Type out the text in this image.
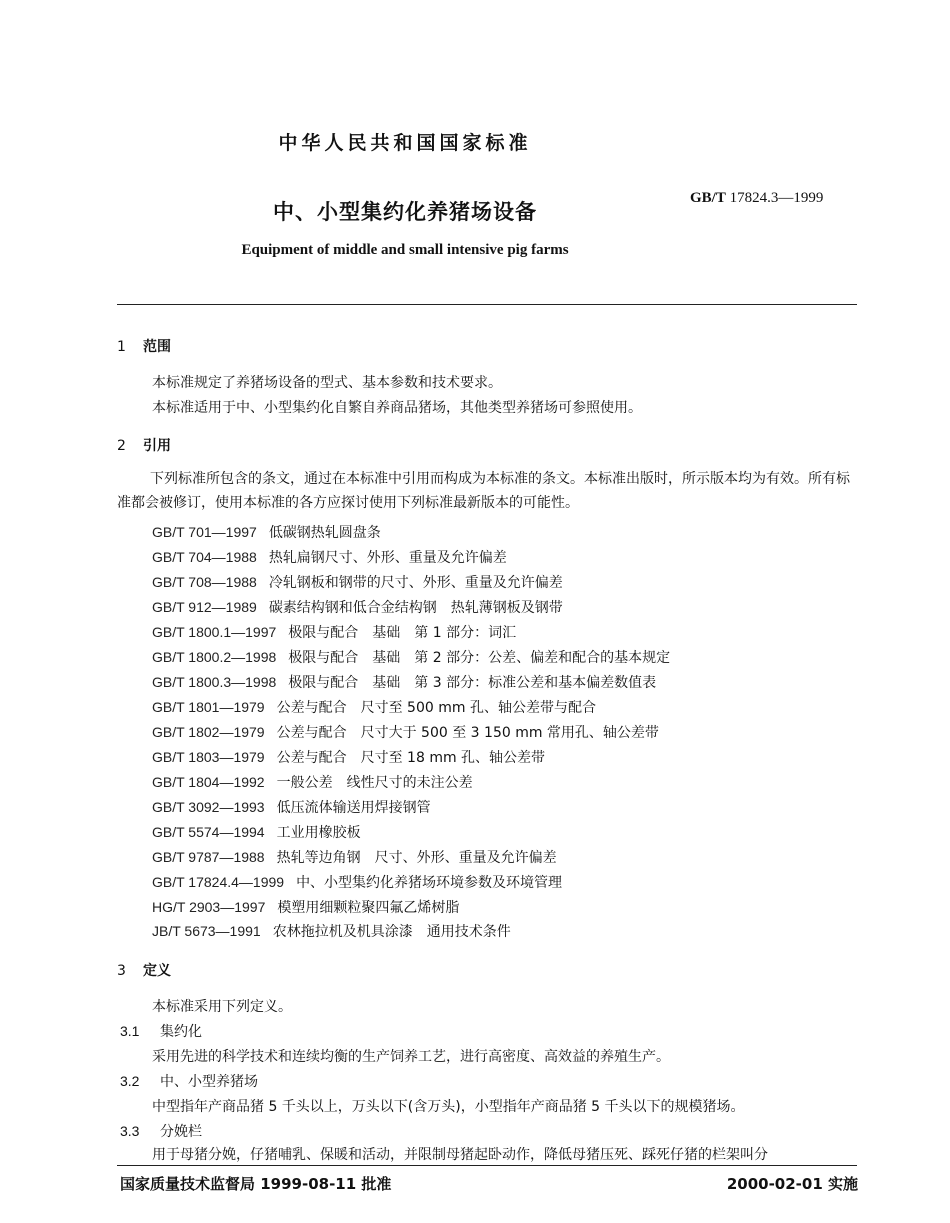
中华人民共和国国家标准
中、小型集约化养猪场设备
GB/T 17824.3—1999
Equipment of middle and small intensive pig farms
1 范围
本标准规定了养猪场设备的型式、基本参数和技术要求。
本标准适用于中、小型集约化自繁自养商品猪场，其他类型养猪场可参照使用。
2 引用
下列标准所包含的条文，通过在本标准中引用而构成为本标准的条文。本标准出版时，所示版本均为有效。所有标准都会被修订，使用本标准的各方应探讨使用下列标准最新版本的可能性。
GB/T 701—1997 低碳钢热轧圆盘条
GB/T 704—1988 热轧扁钢尺寸、外形、重量及允许偏差
GB/T 708—1988 冷轧钢板和钢带的尺寸、外形、重量及允许偏差
GB/T 912—1989 碳素结构钢和低合金结构钢　热轧薄钢板及钢带
GB/T 1800.1—1997 极限与配合　基础　第 1 部分：词汇
GB/T 1800.2—1998 极限与配合　基础　第 2 部分：公差、偏差和配合的基本规定
GB/T 1800.3—1998 极限与配合　基础　第 3 部分：标准公差和基本偏差数值表
GB/T 1801—1979 公差与配合　尺寸至 500 mm 孔、轴公差带与配合
GB/T 1802—1979 公差与配合　尺寸大于 500 至 3 150 mm 常用孔、轴公差带
GB/T 1803—1979 公差与配合　尺寸至 18 mm 孔、轴公差带
GB/T 1804—1992 一般公差　线性尺寸的未注公差
GB/T 3092—1993 低压流体输送用焊接钢管
GB/T 5574—1994 工业用橡胶板
GB/T 9787—1988 热轧等边角钢　尺寸、外形、重量及允许偏差
GB/T 17824.4—1999 中、小型集约化养猪场环境参数及环境管理
HG/T 2903—1997 模塑用细颗粒聚四氟乙烯树脂
JB/T 5673—1991 农林拖拉机及机具涂漆　通用技术条件
3 定义
本标准采用下列定义。
3.1 集约化
采用先进的科学技术和连续均衡的生产饲养工艺，进行高密度、高效益的养殖生产。
3.2 中、小型养猪场
中型指年产商品猪 5 千头以上，万头以下(含万头)，小型指年产商品猪 5 千头以下的规模猪场。
3.3 分娩栏
用于母猪分娩，仔猪哺乳、保暖和活动，并限制母猪起卧动作，降低母猪压死、踩死仔猪的栏架叫分
国家质量技术监督局 1999-08-11 批准	2000-02-01 实施
